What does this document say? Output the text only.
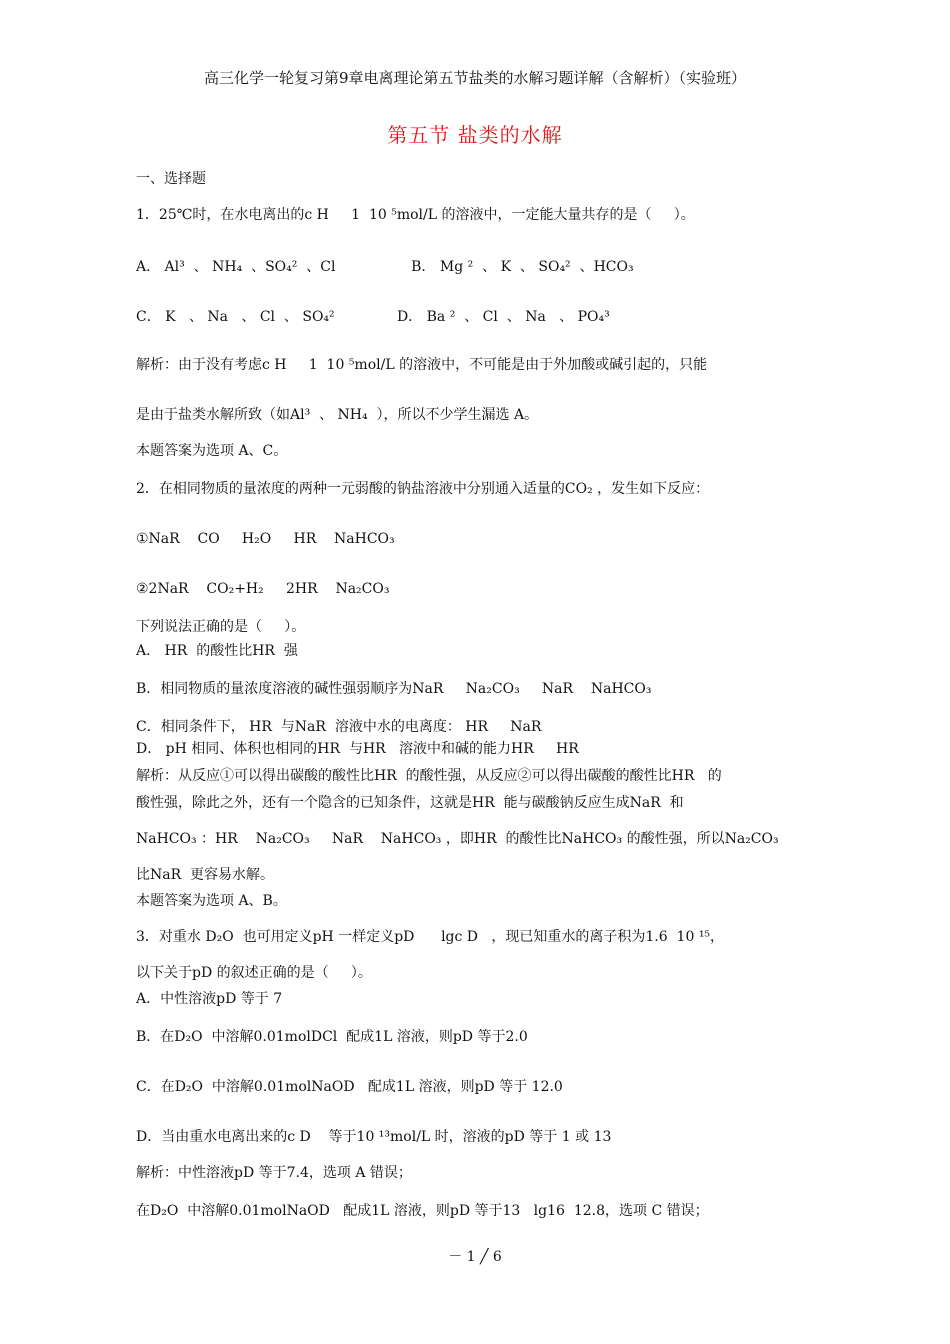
高三化学一轮复习第9章电离理论第五节盐类的水解习题详解（含解析）（实验班）
第五节 盐类的水解
一、选择题
1．25℃时，在水电离出的c H     1  10 ⁵mol/L 的溶液中，一定能大量共存的是（     ）。
A． Al³  、 NH₄  、SO₄²  、Cl                 B． Mg ²  、 K  、 SO₄²  、HCO₃
C． K   、 Na   、 Cl  、 SO₄²              D． Ba ²  、 Cl  、 Na   、 PO₄³
解析：由于没有考虑c H     1  10 ⁵mol/L 的溶液中，不可能是由于外加酸或碱引起的，只能
是由于盐类水解所致（如Al³  、 NH₄  ），所以不少学生漏选 A。
本题答案为选项 A、C。
2．在相同物质的量浓度的两种一元弱酸的钠盐溶液中分别通入适量的CO₂ ，发生如下反应：
①NaR    CO     H₂O     HR    NaHCO₃
②2NaR    CO₂+H₂     2HR    Na₂CO₃
下列说法正确的是（     ）。
A． HR  的酸性比HR  强
B．相同物质的量浓度溶液的碱性强弱顺序为NaR     Na₂CO₃     NaR    NaHCO₃
C．相同条件下， HR  与NaR  溶液中水的电离度： HR     NaR
D． pH 相同、体积也相同的HR  与HR   溶液中和碱的能力HR     HR
解析：从反应①可以得出碳酸的酸性比HR  的酸性强，从反应②可以得出碳酸的酸性比HR   的
酸性强，除此之外，还有一个隐含的已知条件，这就是HR  能与碳酸钠反应生成NaR  和
NaHCO₃ ：HR    Na₂CO₃     NaR    NaHCO₃ ，即HR  的酸性比NaHCO₃ 的酸性强，所以Na₂CO₃
比NaR  更容易水解。
本题答案为选项 A、B。
3．对重水 D₂O  也可用定义pH 一样定义pD      lgc D   ，现已知重水的离子积为1.6  10 ¹⁵，
以下关于pD 的叙述正确的是（     ）。
A．中性溶液pD 等于 7
B．在D₂O  中溶解0.01molDCl  配成1L 溶液，则pD 等于2.0
C．在D₂O  中溶解0.01molNaOD   配成1L 溶液，则pD 等于 12.0
D．当由重水电离出来的c D    等于10 ¹³mol/L 时，溶液的pD 等于 1 或 13
解析：中性溶液pD 等于7.4，选项 A 错误；
在D₂O  中溶解0.01molNaOD   配成1L 溶液，则pD 等于13   lg16  12.8，选项 C 错误；
－ 1 ╱ 6
